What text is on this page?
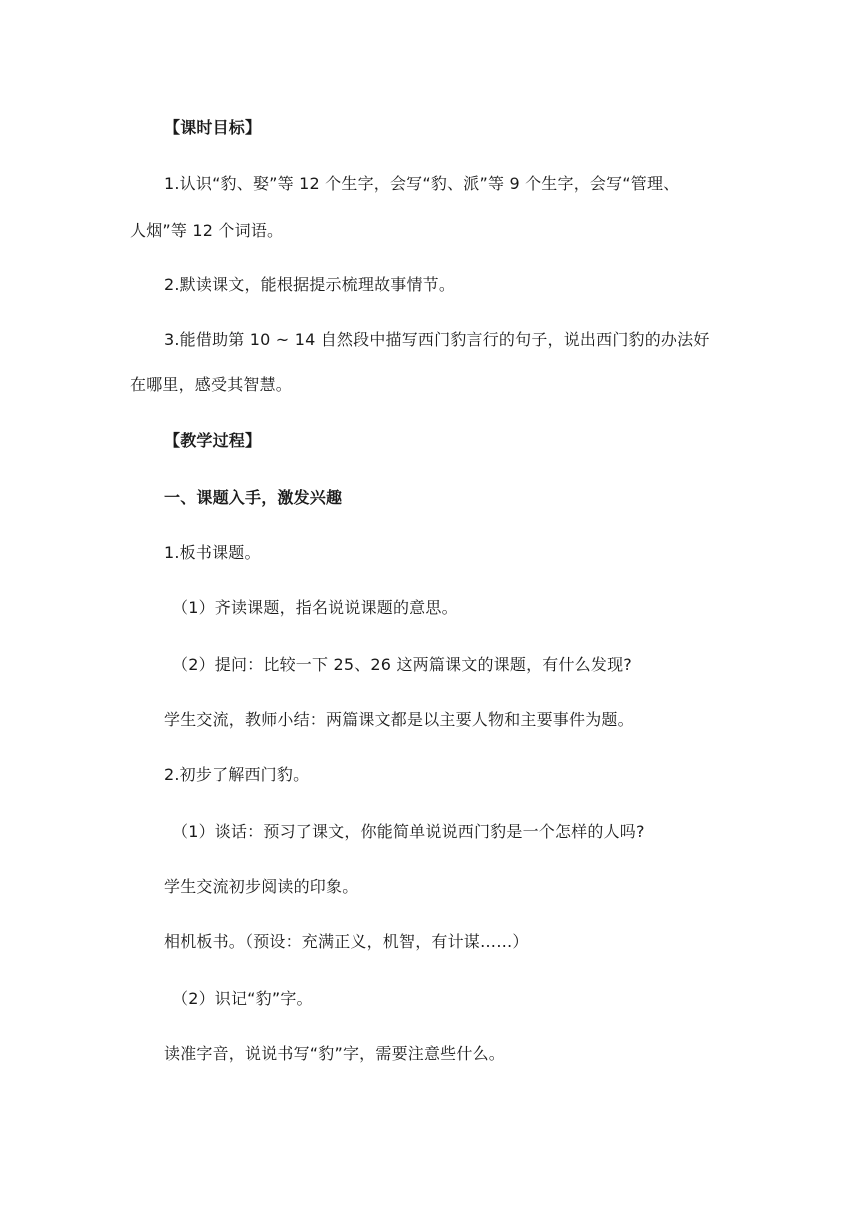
【课时目标】
1.认识“豹、娶”等 12 个生字，会写“豹、派”等 9 个生字，会写“管理、
人烟”等 12 个词语。
2.默读课文，能根据提示梳理故事情节。
3.能借助第 10 ~ 14 自然段中描写西门豹言行的句子，说出西门豹的办法好
在哪里，感受其智慧。
【教学过程】
一、课题入手，激发兴趣
1.板书课题。
（1）齐读课题，指名说说课题的意思。
（2）提问：比较一下 25、26 这两篇课文的课题，有什么发现?
学生交流，教师小结：两篇课文都是以主要人物和主要事件为题。
2.初步了解西门豹。
（1）谈话：预习了课文，你能简单说说西门豹是一个怎样的人吗?
学生交流初步阅读的印象。
相机板书。（预设：充满正义，机智，有计谋……）
（2）识记“豹”字。
读准字音，说说书写“豹”字，需要注意些什么。
